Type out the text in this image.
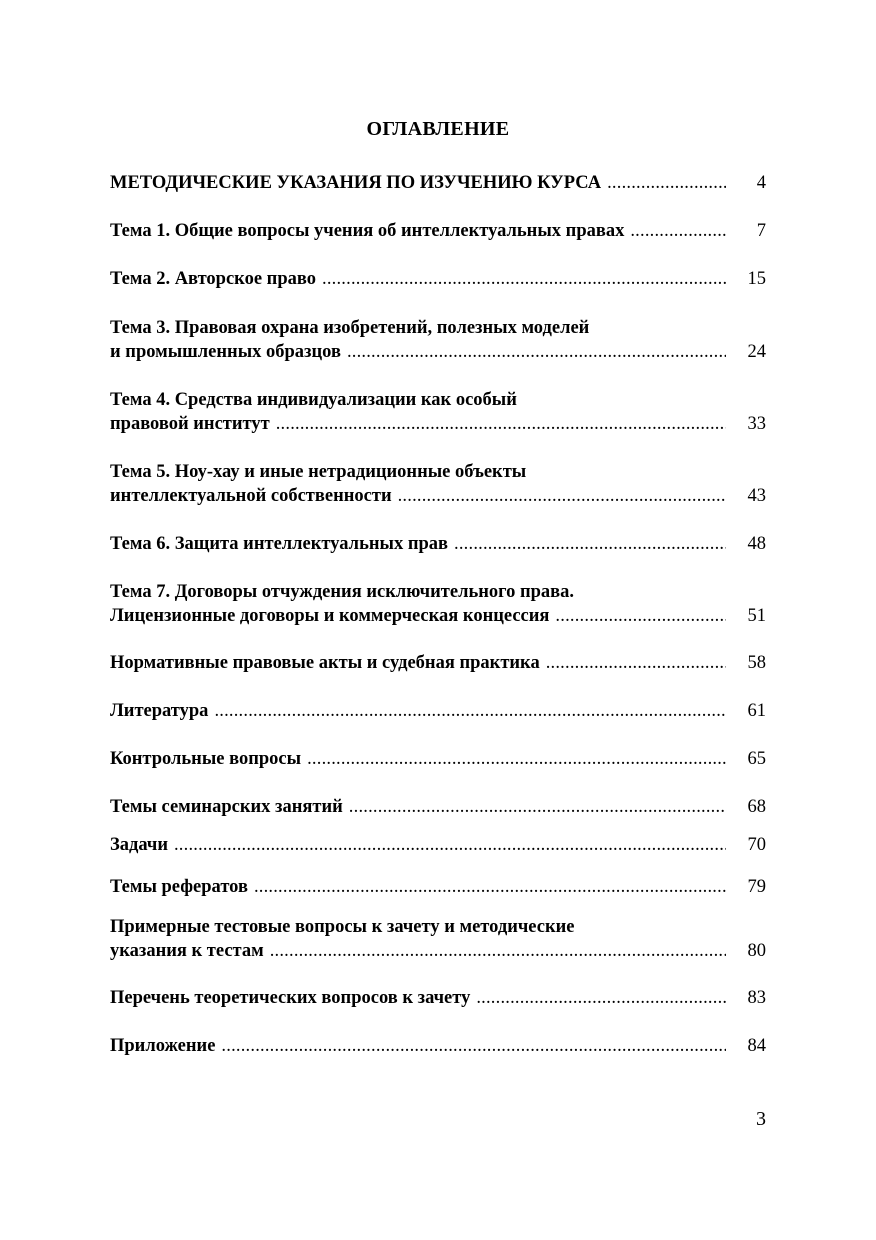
ОГЛАВЛЕНИЕ
МЕТОДИЧЕСКИЕ УКАЗАНИЯ ПО ИЗУЧЕНИЮ КУРСА .....	4
Тема 1. Общие вопросы учения об интеллектуальных правах .....	7
Тема 2. Авторское право .....	15
Тема 3. Правовая охрана изобретений, полезных моделей
и промышленных образцов .....	24
Тема 4. Средства индивидуализации как особый
правовой институт .....	33
Тема 5. Ноу-хау и иные нетрадиционные объекты
интеллектуальной собственности .....	43
Тема 6. Защита интеллектуальных прав .....	48
Тема 7. Договоры отчуждения исключительного права.
Лицензионные договоры и коммерческая концессия .....	51
Нормативные правовые акты и судебная практика .....	58
Литература .....	61
Контрольные вопросы .....	65
Темы семинарских занятий .....	68
Задачи .....	70
Темы рефератов .....	79
Примерные тестовые вопросы к зачету и методические
указания к тестам .....	80
Перечень теоретических вопросов к зачету .....	83
Приложение .....	84
3
